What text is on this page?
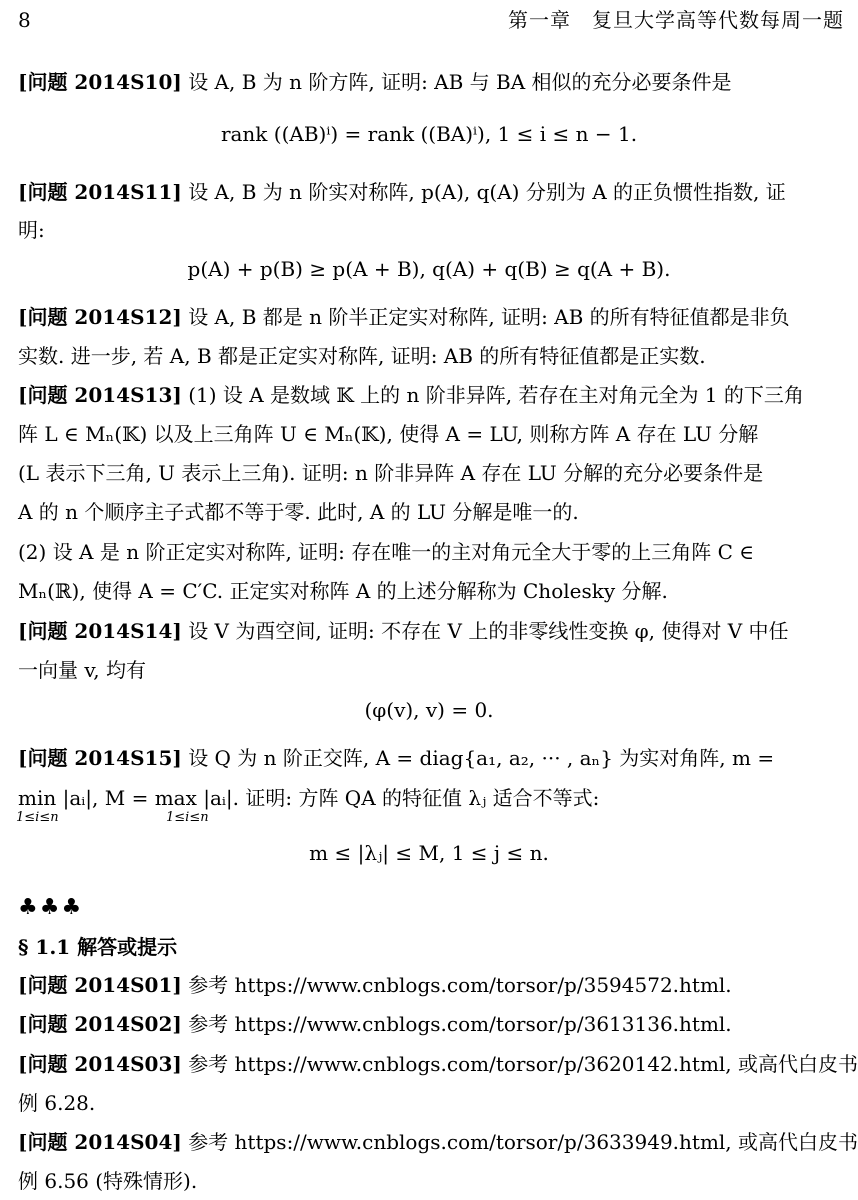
8	第一章　复旦大学高等代数每周一题
[问题 2014S10] 设 A, B 为 n 阶方阵, 证明: AB 与 BA 相似的充分必要条件是
rank ((AB)ⁱ) = rank ((BA)ⁱ), 1 ≤ i ≤ n − 1.
[问题 2014S11] 设 A, B 为 n 阶实对称阵, p(A), q(A) 分别为 A 的正负惯性指数, 证
明:
p(A) + p(B) ≥ p(A + B), q(A) + q(B) ≥ q(A + B).
[问题 2014S12] 设 A, B 都是 n 阶半正定实对称阵, 证明: AB 的所有特征值都是非负
实数. 进一步, 若 A, B 都是正定实对称阵, 证明: AB 的所有特征值都是正实数.
[问题 2014S13] (1) 设 A 是数域 𝕂 上的 n 阶非异阵, 若存在主对角元全为 1 的下三角
阵 L ∈ Mₙ(𝕂) 以及上三角阵 U ∈ Mₙ(𝕂), 使得 A = LU, 则称方阵 A 存在 LU 分解
(L 表示下三角, U 表示上三角). 证明: n 阶非异阵 A 存在 LU 分解的充分必要条件是
A 的 n 个顺序主子式都不等于零. 此时, A 的 LU 分解是唯一的.
(2) 设 A 是 n 阶正定实对称阵, 证明: 存在唯一的主对角元全大于零的上三角阵 C ∈
Mₙ(ℝ), 使得 A = C′C. 正定实对称阵 A 的上述分解称为 Cholesky 分解.
[问题 2014S14] 设 V 为酉空间, 证明: 不存在 V 上的非零线性变换 φ, 使得对 V 中任
一向量 v, 均有
(φ(v), v) = 0.
[问题 2014S15] 设 Q 为 n 阶正交阵, A = diag{a₁, a₂, ··· , aₙ} 为实对角阵, m =
min |aᵢ|, M = max |aᵢ|. 证明: 方阵 QA 的特征值 λⱼ 适合不等式:
1≤i≤n	1≤i≤n
m ≤ |λⱼ| ≤ M, 1 ≤ j ≤ n.
♣♣♣
§ 1.1 解答或提示
[问题 2014S01] 参考 https://www.cnblogs.com/torsor/p/3594572.html.
[问题 2014S02] 参考 https://www.cnblogs.com/torsor/p/3613136.html.
[问题 2014S03] 参考 https://www.cnblogs.com/torsor/p/3620142.html, 或高代白皮书
例 6.28.
[问题 2014S04] 参考 https://www.cnblogs.com/torsor/p/3633949.html, 或高代白皮书
例 6.56 (特殊情形).
